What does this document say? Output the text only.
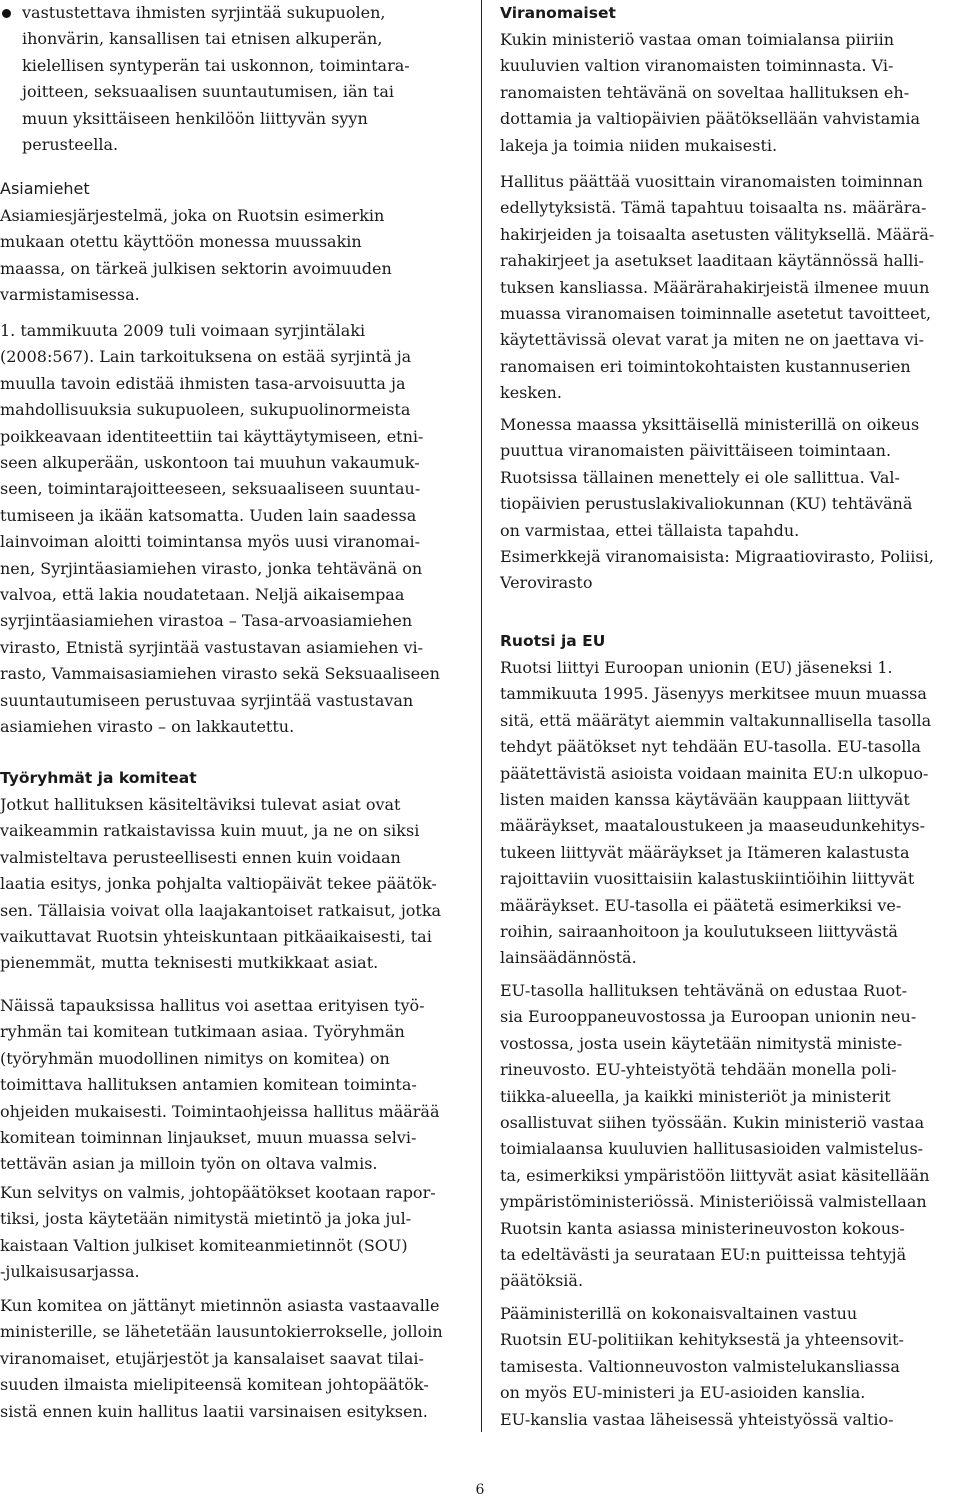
vastustettava ihmisten syrjintää sukupuolen,
ihonvärin, kansallisen tai etnisen alkuperän,
kielellisen syntyperän tai uskonnon, toimintara-
joitteen, seksuaalisen suuntautumisen, iän tai
muun yksittäiseen henkilöön liittyvän syyn
perusteella.
Asiamiehet
Asiamiesjärjestelmä, joka on Ruotsin esimerkin
mukaan otettu käyttöön monessa muussakin
maassa, on tärkeä julkisen sektorin avoimuuden
varmistamisessa.
1. tammikuuta 2009 tuli voimaan syrjintälaki
(2008:567). Lain tarkoituksena on estää syrjintä ja
muulla tavoin edistää ihmisten tasa-arvoisuutta ja
mahdollisuuksia sukupuoleen, sukupuolinormeista
poikkeavaan identiteettiin tai käyttäytymiseen, etni-
seen alkuperään, uskontoon tai muuhun vakaumuk-
seen, toimintarajoitteeseen, seksuaaliseen suuntau-
tumiseen ja ikään katsomatta. Uuden lain saadessa
lainvoiman aloitti toimintansa myös uusi viranomai-
nen, Syrjintäasiamiehen virasto, jonka tehtävänä on
valvoa, että lakia noudatetaan. Neljä aikaisempaa
syrjintäasiamiehen virastoa – Tasa-arvoasiamiehen
virasto, Etnistä syrjintää vastustavan asiamiehen vi-
rasto, Vammaisasiamiehen virasto sekä Seksuaaliseen
suuntautumiseen perustuvaa syrjintää vastustavan
asiamiehen virasto – on lakkautettu.
Työryhmät ja komiteat
Jotkut hallituksen käsiteltäviksi tulevat asiat ovat
vaikeammin ratkaistavissa kuin muut, ja ne on siksi
valmisteltava perusteellisesti ennen kuin voidaan
laatia esitys, jonka pohjalta valtiopäivät tekee päätök-
sen. Tällaisia voivat olla laajakantoiset ratkaisut, jotka
vaikuttavat Ruotsin yhteiskuntaan pitkäaikaisesti, tai
pienemmät, mutta teknisesti mutkikkaat asiat.
Näissä tapauksissa hallitus voi asettaa erityisen työ-
ryhmän tai komitean tutkimaan asiaa. Työryhmän
(työryhmän muodollinen nimitys on komitea) on
toimittava hallituksen antamien komitean toiminta-
ohjeiden mukaisesti. Toimintaohjeissa hallitus määrää
komitean toiminnan linjaukset, muun muassa selvi-
tettävän asian ja milloin työn on oltava valmis.
Kun selvitys on valmis, johtopäätökset kootaan rapor-
tiksi, josta käytetään nimitystä mietintö ja joka jul-
kaistaan Valtion julkiset komiteanmietinnöt (SOU)
-julkaisusarjassa.
Kun komitea on jättänyt mietinnön asiasta vastaavalle
ministerille, se lähetetään lausuntokierrokselle, jolloin
viranomaiset, etujärjestöt ja kansalaiset saavat tilai-
suuden ilmaista mielipiteensä komitean johtopäätök-
sistä ennen kuin hallitus laatii varsinaisen esityksen.
Viranomaiset
Kukin ministeriö vastaa oman toimialansa piiriin
kuuluvien valtion viranomaisten toiminnasta. Vi-
ranomaisten tehtävänä on soveltaa hallituksen eh-
dottamia ja valtiopäivien päätöksellään vahvistamia
lakeja ja toimia niiden mukaisesti.
Hallitus päättää vuosittain viranomaisten toiminnan
edellytyksistä. Tämä tapahtuu toisaalta ns. määrära-
hakirjeiden ja toisaalta asetusten välityksellä. Määrä-
rahakirjeet ja asetukset laaditaan käytännössä halli-
tuksen kansliassa. Määrärahakirjeistä ilmenee muun
muassa viranomaisen toiminnalle asetetut tavoitteet,
käytettävissä olevat varat ja miten ne on jaettava vi-
ranomaisen eri toimintokohtaisten kustannuserien
kesken.
Monessa maassa yksittäisellä ministerillä on oikeus
puuttua viranomaisten päivittäiseen toimintaan.
Ruotsissa tällainen menettely ei ole sallittua. Val-
tiopäivien perustuslakivaliokunnan (KU) tehtävänä
on varmistaa, ettei tällaista tapahdu.
Esimerkkejä viranomaisista: Migraatiovirasto, Poliisi,
Verovirasto
Ruotsi ja EU
Ruotsi liittyi Euroopan unionin (EU) jäseneksi 1.
tammikuuta 1995. Jäsenyys merkitsee muun muassa
sitä, että määrätyt aiemmin valtakunnallisella tasolla
tehdyt päätökset nyt tehdään EU-tasolla. EU-tasolla
päätettävistä asioista voidaan mainita EU:n ulkopuo-
listen maiden kanssa käytävään kauppaan liittyvät
määräykset, maataloustukeen ja maaseudunkehitys-
tukeen liittyvät määräykset ja Itämeren kalastusta
rajoittaviin vuosittaisiin kalastuskiintiöihin liittyvät
määräykset. EU-tasolla ei päätetä esimerkiksi ve-
roihin, sairaanhoitoon ja koulutukseen liittyvästä
lainsäädännöstä.
EU-tasolla hallituksen tehtävänä on edustaa Ruot-
sia Eurooppaneuvostossa ja Euroopan unionin neu-
vostossa, josta usein käytetään nimitystä ministe-
rineuvosto. EU-yhteistyötä tehdään monella poli-
tiikka-alueella, ja kaikki ministeriöt ja ministerit
osallistuvat siihen työssään. Kukin ministeriö vastaa
toimialaansa kuuluvien hallitusasioiden valmistelus-
ta, esimerkiksi ympäristöön liittyvät asiat käsitellään
ympäristöministeriössä. Ministeriöissä valmistellaan
Ruotsin kanta asiassa ministerineuvoston kokous-
ta edeltävästi ja seurataan EU:n puitteissa tehtyjä
päätöksiä.
Pääministerillä on kokonaisvaltainen vastuu
Ruotsin EU-politiikan kehityksestä ja yhteensovit-
tamisesta. Valtionneuvoston valmistelukansliassa
on myös EU-ministeri ja EU-asioiden kanslia.
EU-kanslia vastaa läheisessä yhteistyössä valtio-
6
